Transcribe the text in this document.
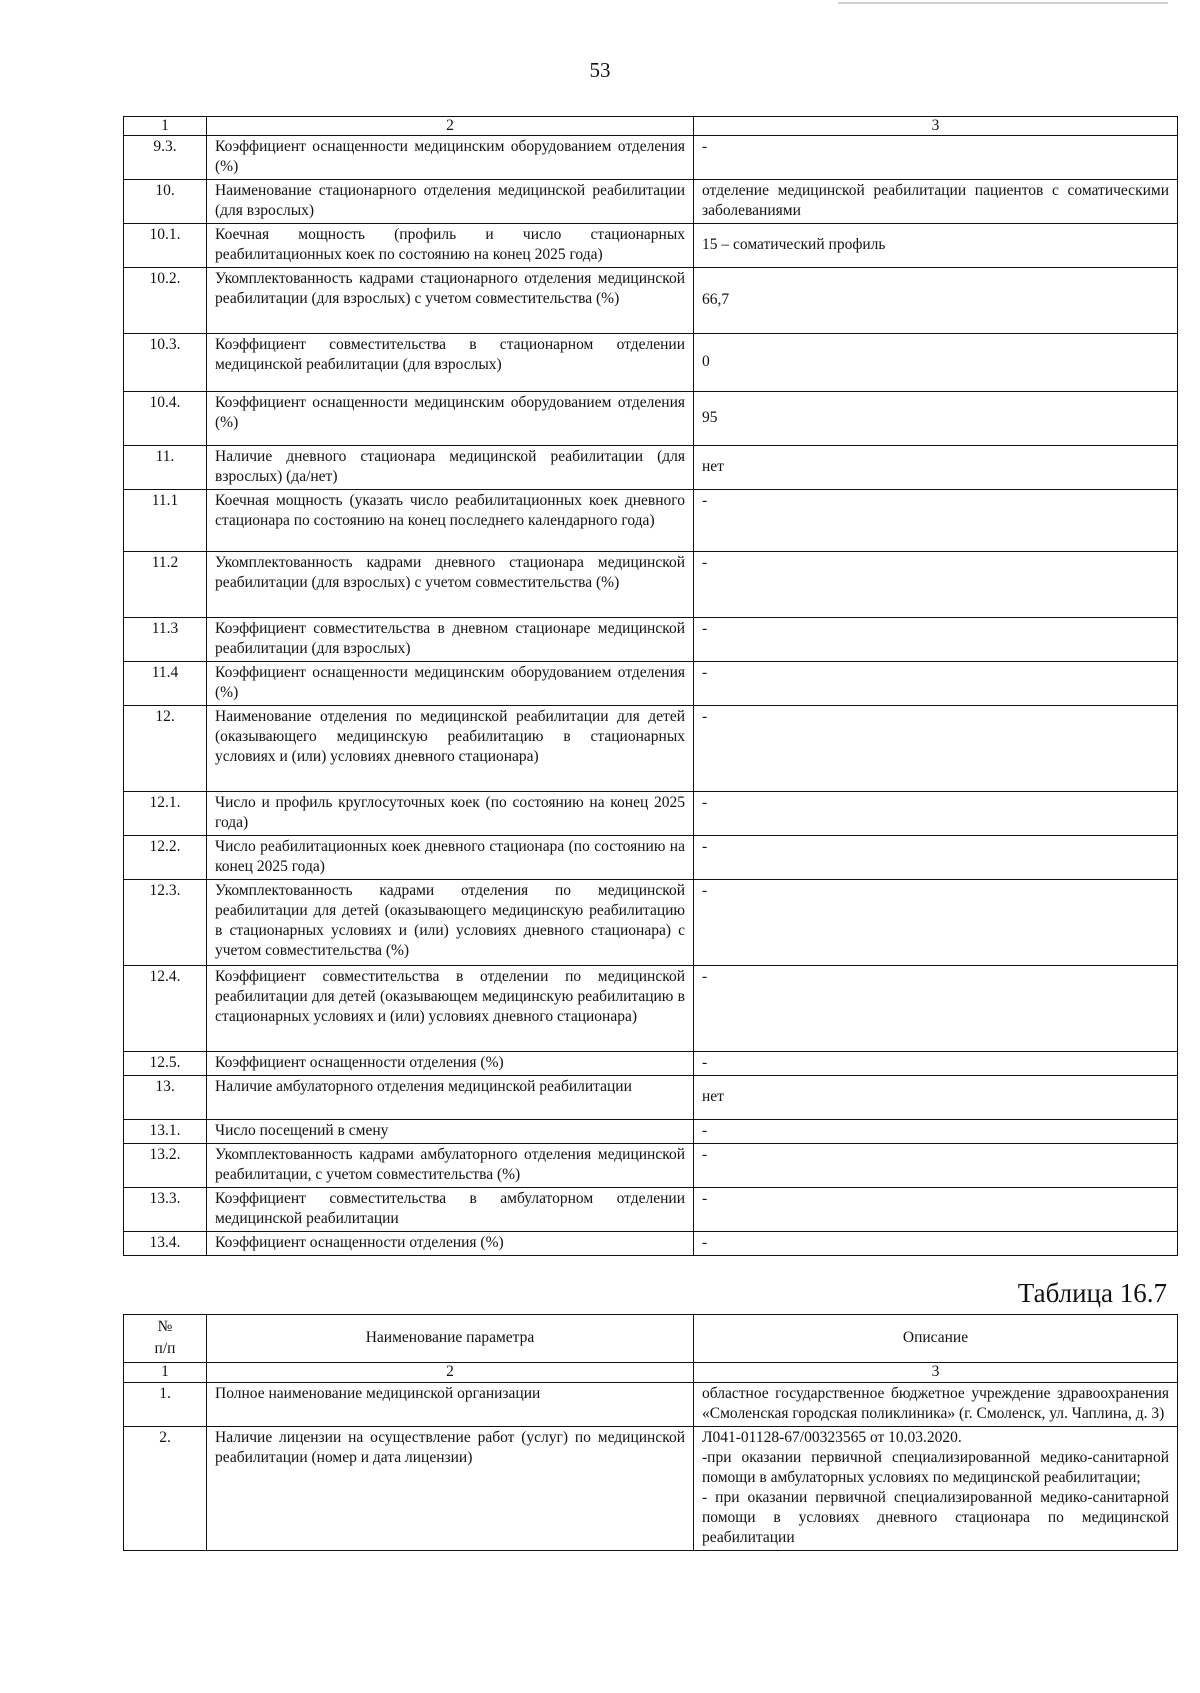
53
1	2	3
9.3.	Коэффициент оснащенности медицинским оборудованием отделения (%)	-
10.	Наименование стационарного отделения медицинской реабилитации (для взрослых)	отделение медицинской реабилитации пациентов с соматическими заболеваниями
10.1.	Коечная мощность (профиль и число стационарных реабилитационных коек по состоянию на конец 2025 года)	15 – соматический профиль
10.2.	Укомплектованность кадрами стационарного отделения медицинской реабилитации (для взрослых) с учетом совместительства (%)	66,7
10.3.	Коэффициент совместительства в стационарном отделении медицинской реабилитации (для взрослых)	0
10.4.	Коэффициент оснащенности медицинским оборудованием отделения (%)	95
11.	Наличие дневного стационара медицинской реабилитации (для взрослых) (да/нет)	нет
11.1	Коечная мощность (указать число реабилитационных коек дневного стационара по состоянию на конец последнего календарного года)	-
11.2	Укомплектованность кадрами дневного стационара медицинской реабилитации (для взрослых) с учетом совместительства (%)	-
11.3	Коэффициент совместительства в дневном стационаре медицинской реабилитации (для взрослых)	-
11.4	Коэффициент оснащенности медицинским оборудованием отделения (%)	-
12.	Наименование отделения по медицинской реабилитации для детей (оказывающего медицинскую реабилитацию в стационарных условиях и (или) условиях дневного стационара)	-
12.1.	Число и профиль круглосуточных коек (по состоянию на конец 2025 года)	-
12.2.	Число реабилитационных коек дневного стационара (по состоянию на конец 2025 года)	-
12.3.	Укомплектованность кадрами отделения по медицинской реабилитации для детей (оказывающего медицинскую реабилитацию в стационарных условиях и (или) условиях дневного стационара) с учетом совместительства (%)	-
12.4.	Коэффициент совместительства в отделении по медицинской реабилитации для детей (оказывающем медицинскую реабилитацию в стационарных условиях и (или) условиях дневного стационара)	-
12.5.	Коэффициент оснащенности отделения (%)	-
13.	Наличие амбулаторного отделения медицинской реабилитации	нет
13.1.	Число посещений в смену	-
13.2.	Укомплектованность кадрами амбулаторного отделения медицинской реабилитации, с учетом совместительства (%)	-
13.3.	Коэффициент совместительства в амбулаторном отделении медицинской реабилитации	-
13.4.	Коэффициент оснащенности отделения (%)	-
Таблица 16.7
№
п/п	Наименование параметра	Описание
1	2	3
1.	Полное наименование медицинской организации	областное государственное бюджетное учреждение здравоохранения «Смоленская городская поликлиника» (г. Смоленск, ул. Чаплина, д. 3)

2.	Наличие лицензии на осуществление работ (услуг) по медицинской реабилитации (номер и дата лицензии)	Л041-01128-67/00323565 от 10.03.2020.
-при оказании первичной специализированной медико-санитарной помощи в амбулаторных условиях по медицинской реабилитации;
- при оказании первичной специализированной медико-санитарной помощи в условиях дневного стационара по медицинской реабилитации
